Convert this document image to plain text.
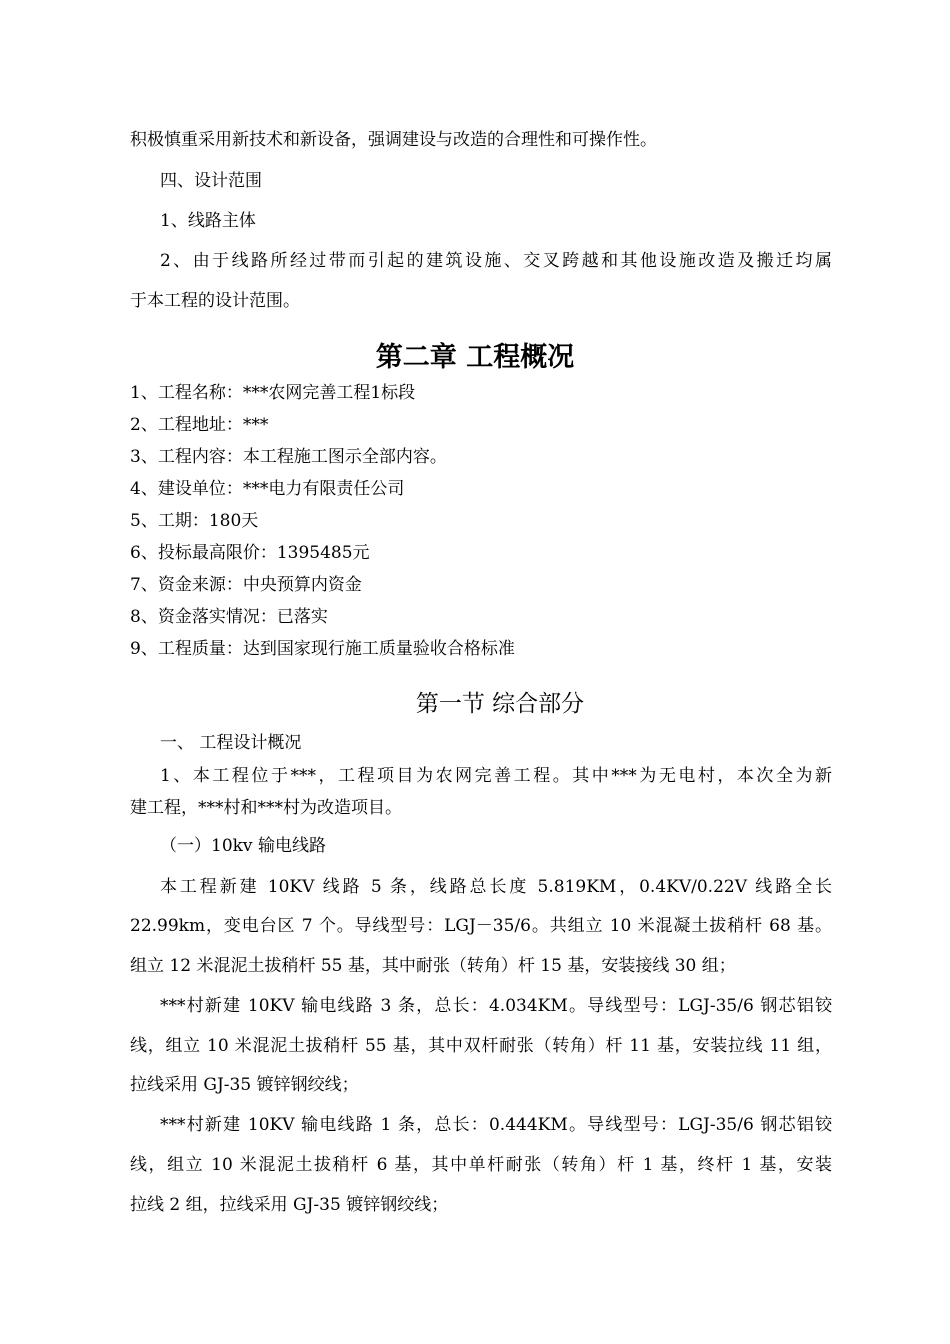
积极慎重采用新技术和新设备，强调建设与改造的合理性和可操作性。
四、设计范围
1、线路主体
2、由于线路所经过带而引起的建筑设施、交叉跨越和其他设施改造及搬迁均属
于本工程的设计范围。
第二章 工程概况
1、工程名称：***农网完善工程1标段
2、工程地址：***
3、工程内容：本工程施工图示全部内容。
4、建设单位：***电力有限责任公司
5、工期：180天
6、投标最高限价：1395485元
7、资金来源：中央预算内资金
8、资金落实情况：已落实
9、工程质量：达到国家现行施工质量验收合格标准
第一节 综合部分
一、 工程设计概况
1、本工程位于***，工程项目为农网完善工程。其中***为无电村，本次全为新
建工程，***村和***村为改造项目。
（一）10kv 输电线路
本工程新建 10KV 线路 5 条，线路总长度 5.819KM，0.4KV/0.22V 线路全长
22.99km，变电台区 7 个。导线型号：LGJ－35/6。共组立 10 米混凝土拔稍杆 68 基。
组立 12 米混泥土拔稍杆 55 基，其中耐张（转角）杆 15 基，安装接线 30 组；
***村新建 10KV 输电线路 3 条，总长：4.034KM。导线型号：LGJ-35/6 钢芯铝铰
线，组立 10 米混泥土拔稍杆 55 基，其中双杆耐张（转角）杆 11 基，安装拉线 11 组，
拉线采用 GJ-35 镀锌钢绞线；
***村新建 10KV 输电线路 1 条，总长：0.444KM。导线型号：LGJ-35/6 钢芯铝铰
线，组立 10 米混泥土拔稍杆 6 基，其中单杆耐张（转角）杆 1 基，终杆 1 基，安装
拉线 2 组，拉线采用 GJ-35 镀锌钢绞线；
